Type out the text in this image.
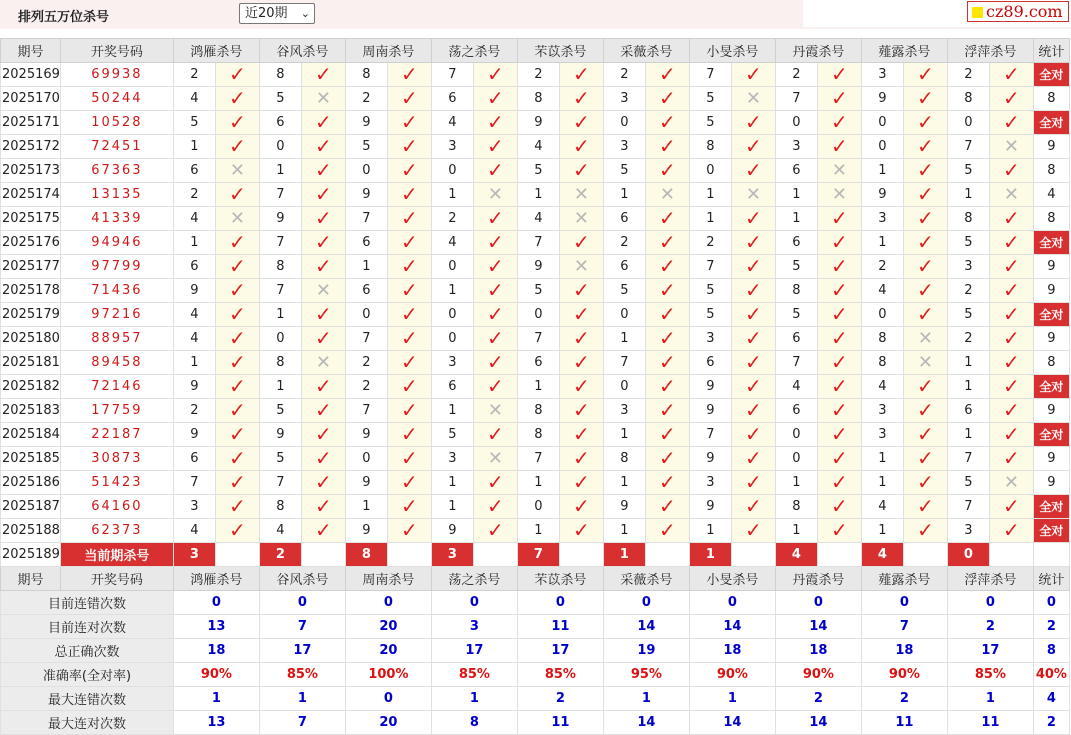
排列五万位杀号	近20期 ⌄	cz89.com
期号	开奖号码	鸿雁杀号		谷风杀号		周南杀号		荡之杀号		芣苡杀号		采薇杀号		小旻杀号		丹霞杀号		薤露杀号		浮萍杀号		统计
2025169	69938	2	✓	8	✓	8	✓	7	✓	2	✓	2	✓	7	✓	2	✓	3	✓	2	✓	全对
2025170	50244	4	✓	5	✕	2	✓	6	✓	8	✓	3	✓	5	✕	7	✓	9	✓	8	✓	8
2025171	10528	5	✓	6	✓	9	✓	4	✓	9	✓	0	✓	5	✓	0	✓	0	✓	0	✓	全对
2025172	72451	1	✓	0	✓	5	✓	3	✓	4	✓	3	✓	8	✓	3	✓	0	✓	7	✕	9
2025173	67363	6	✕	1	✓	0	✓	0	✓	5	✓	5	✓	0	✓	6	✕	1	✓	5	✓	8
2025174	13135	2	✓	7	✓	9	✓	1	✕	1	✕	1	✕	1	✕	1	✕	9	✓	1	✕	4
2025175	41339	4	✕	9	✓	7	✓	2	✓	4	✕	6	✓	1	✓	1	✓	3	✓	8	✓	8
2025176	94946	1	✓	7	✓	6	✓	4	✓	7	✓	2	✓	2	✓	6	✓	1	✓	5	✓	全对
2025177	97799	6	✓	8	✓	1	✓	0	✓	9	✕	6	✓	7	✓	5	✓	2	✓	3	✓	9
2025178	71436	9	✓	7	✕	6	✓	1	✓	5	✓	5	✓	5	✓	8	✓	4	✓	2	✓	9
2025179	97216	4	✓	1	✓	0	✓	0	✓	0	✓	0	✓	5	✓	5	✓	0	✓	5	✓	全对
2025180	88957	4	✓	0	✓	7	✓	0	✓	7	✓	1	✓	3	✓	6	✓	8	✕	2	✓	9
2025181	89458	1	✓	8	✕	2	✓	3	✓	6	✓	7	✓	6	✓	7	✓	8	✕	1	✓	8
2025182	72146	9	✓	1	✓	2	✓	6	✓	1	✓	0	✓	9	✓	4	✓	4	✓	1	✓	全对
2025183	17759	2	✓	5	✓	7	✓	1	✕	8	✓	3	✓	9	✓	6	✓	3	✓	6	✓	9
2025184	22187	9	✓	9	✓	9	✓	5	✓	8	✓	1	✓	7	✓	0	✓	3	✓	1	✓	全对
2025185	30873	6	✓	5	✓	0	✓	3	✕	7	✓	8	✓	9	✓	0	✓	1	✓	7	✓	9
2025186	51423	7	✓	7	✓	9	✓	1	✓	1	✓	1	✓	3	✓	1	✓	1	✓	5	✕	9
2025187	64160	3	✓	8	✓	1	✓	1	✓	0	✓	9	✓	9	✓	8	✓	4	✓	7	✓	全对
2025188	62373	4	✓	4	✓	9	✓	9	✓	1	✓	1	✓	1	✓	1	✓	1	✓	3	✓	全对
2025189	当前期杀号	3		2		8		3		7		1		1		4		4		0		
期号	开奖号码	鸿雁杀号		谷风杀号		周南杀号		荡之杀号		芣苡杀号		采薇杀号		小旻杀号		丹霞杀号		薤露杀号		浮萍杀号		统计
目前连错次数		0		0		0		0		0		0		0		0		0		0		0
目前连对次数		13		7		20		3		11		14		14		14		7		2		2
总正确次数		18		17		20		17		17		19		18		18		18		17		8
准确率(全对率)		90%		85%		100%		85%		85%		95%		90%		90%		90%		85%		40%
最大连错次数		1		1		0		1		2		1		1		2		2		1		4
最大连对次数		13		7		20		8		11		14		14		14		11		11		2
